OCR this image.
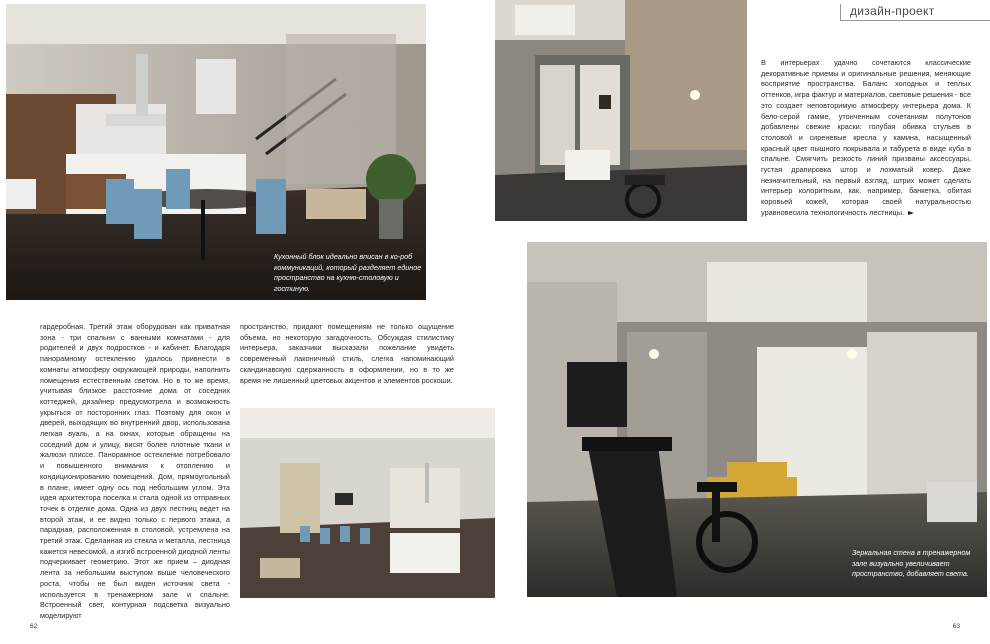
Кухонный блок идеально вписан в ко-роб коммуникаций, который разделяет единое пространство на кухню-столовую и гостиную.

гардеробная. Третий этаж оборудован как приватная зона - три спальни с ванными комнатами - для родителей и двух подростков - и кабинет. Благодаря панорамному остеклению удалось привнести в комнаты атмосферу окружающей природы, наполнить помещения естественным светом. Но в то же время, учитывая близкое расстояние дома от соседних коттеджей, дизайнер предусмотрела и возможность укрыться от посторонних глаз. Поэтому для окон и дверей, выходящих во внутренний двор, использована легкая вуаль, а на окнах, которые обращены на соседний дом и улицу, висят более плотные ткани и жалюзи плиссе. Панорамное остекление потребовало и повышенного внимания к отоплению и кондиционированию помещений. Дом, прямоугольный в плане, имеет одну ось под небольшим углом. Эта идея архитектора поселка и стала одной из отправных точек в отделке дома. Одна из двух лестниц ведет на второй этаж, и ее видно только с первого этажа, а парадная, расположенная в столовой, устремлена на третий этаж. Сделанная из стекла и металла, лестница кажется невесомой, а изгиб встроенной диодной ленты подчеркивает геометрию. Этот же прием – диодная лента за небольшим выступом выше человеческого роста, чтобы не был виден источник света - используется в тренажерном зале и спальне. Встроенный свет, контурная подсветка визуально моделируют

пространство, придают помещениям не только ощущение объема, но некоторую загадочность. Обсуждая стилистику интерьера, заказчики высказали пожелание увидеть современный лаконичный стиль, слегка напоминающий скандинавскую сдержанность в оформлении, но в то же время не лишенный цветовых акцентов и элементов роскоши.

62
дизайн-проект

В интерьерах удачно сочетаются классические декоративные приемы и оригинальные решения, меняющие восприятие пространства. Баланс холодных и теплых оттенков, игра фактур и материалов, световые решения - все это создает неповторимую атмосферу интерьера дома. К бело-серой гамме, утонченным сочетаниям полутонов добавлены свежие краски: голубая обивка стульев в столовой и сиреневые кресла у камина, насыщенный красный цвет пышного покрывала и табурета в виде куба в спальне. Смягчить резкость линий призваны аксессуары, густая драпировка штор и лохматый ковер. Даже незначительный, на первый взгляд, штрих может сделать интерьер колоритным, как, например, банкетка, обитая коровьей кожей, которая своей натуральностью уравновесила технологичность лестницы.

Зеркальная стена в тренажерном зале визуально увеличивает пространство, добавляет света.
63
